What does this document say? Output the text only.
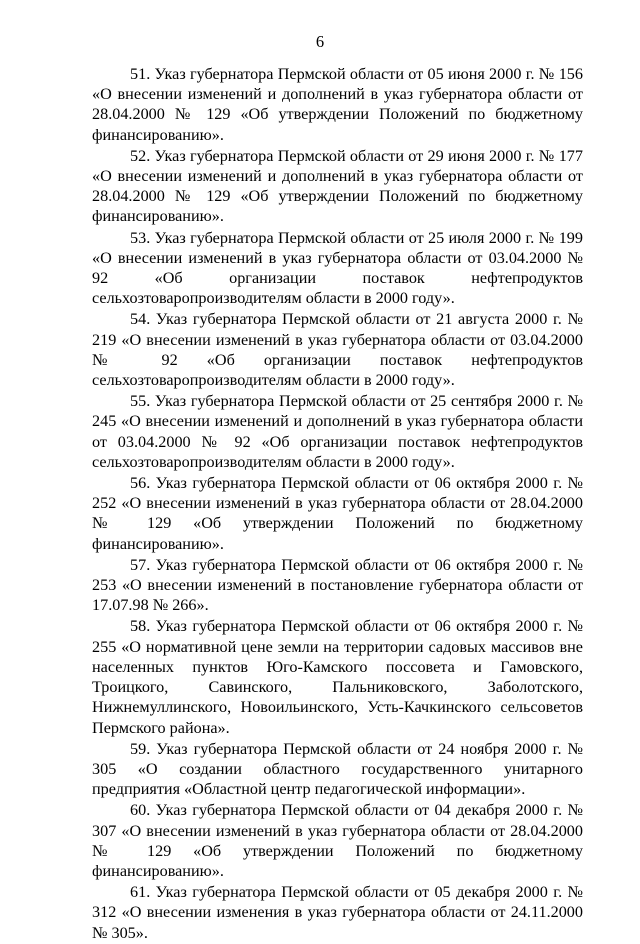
6

51. Указ губернатора Пермской области от 05 июня 2000 г. № 156 «О внесении изменений и дополнений в указ губернатора области от 28.04.2000 № 129 «Об утверждении Положений по бюджетному финансированию».

52. Указ губернатора Пермской области от 29 июня 2000 г. № 177 «О внесении изменений и дополнений в указ губернатора области от 28.04.2000 № 129 «Об утверждении Положений по бюджетному финансированию».

53. Указ губернатора Пермской области от 25 июля 2000 г. № 199 «О внесении изменений в указ губернатора области от 03.04.2000 № 92 «Об организации поставок нефтепродуктов сельхозтоваропроизводителям области в 2000 году».

54. Указ губернатора Пермской области от 21 августа 2000 г. № 219 «О внесении изменений в указ губернатора области от 03.04.2000 № 92 «Об организации поставок нефтепродуктов сельхозтоваропроизводителям области в 2000 году».

55. Указ губернатора Пермской области от 25 сентября 2000 г. № 245 «О внесении изменений и дополнений в указ губернатора области от 03.04.2000 № 92 «Об организации поставок нефтепродуктов сельхозтоваропроизводителям области в 2000 году».

56. Указ губернатора Пермской области от 06 октября 2000 г. № 252 «О внесении изменений в указ губернатора области от 28.04.2000 № 129 «Об утверждении Положений по бюджетному финансированию».

57. Указ губернатора Пермской области от 06 октября 2000 г. № 253 «О внесении изменений в постановление губернатора области от 17.07.98 № 266».

58. Указ губернатора Пермской области от 06 октября 2000 г. № 255 «О нормативной цене земли на территории садовых массивов вне населенных пунктов Юго-Камского поссовета и Гамовского, Троицкого, Савинского, Пальниковского, Заболотского, Нижнемуллинского, Новоильинского, Усть-Качкинского сельсоветов Пермского района».

59. Указ губернатора Пермской области от 24 ноября 2000 г. № 305 «О создании областного государственного унитарного предприятия «Областной центр педагогической информации».

60. Указ губернатора Пермской области от 04 декабря 2000 г. № 307 «О внесении изменений в указ губернатора области от 28.04.2000 № 129 «Об утверждении Положений по бюджетному финансированию».

61. Указ губернатора Пермской области от 05 декабря 2000 г. № 312 «О внесении изменения в указ губернатора области от 24.11.2000 № 305».
